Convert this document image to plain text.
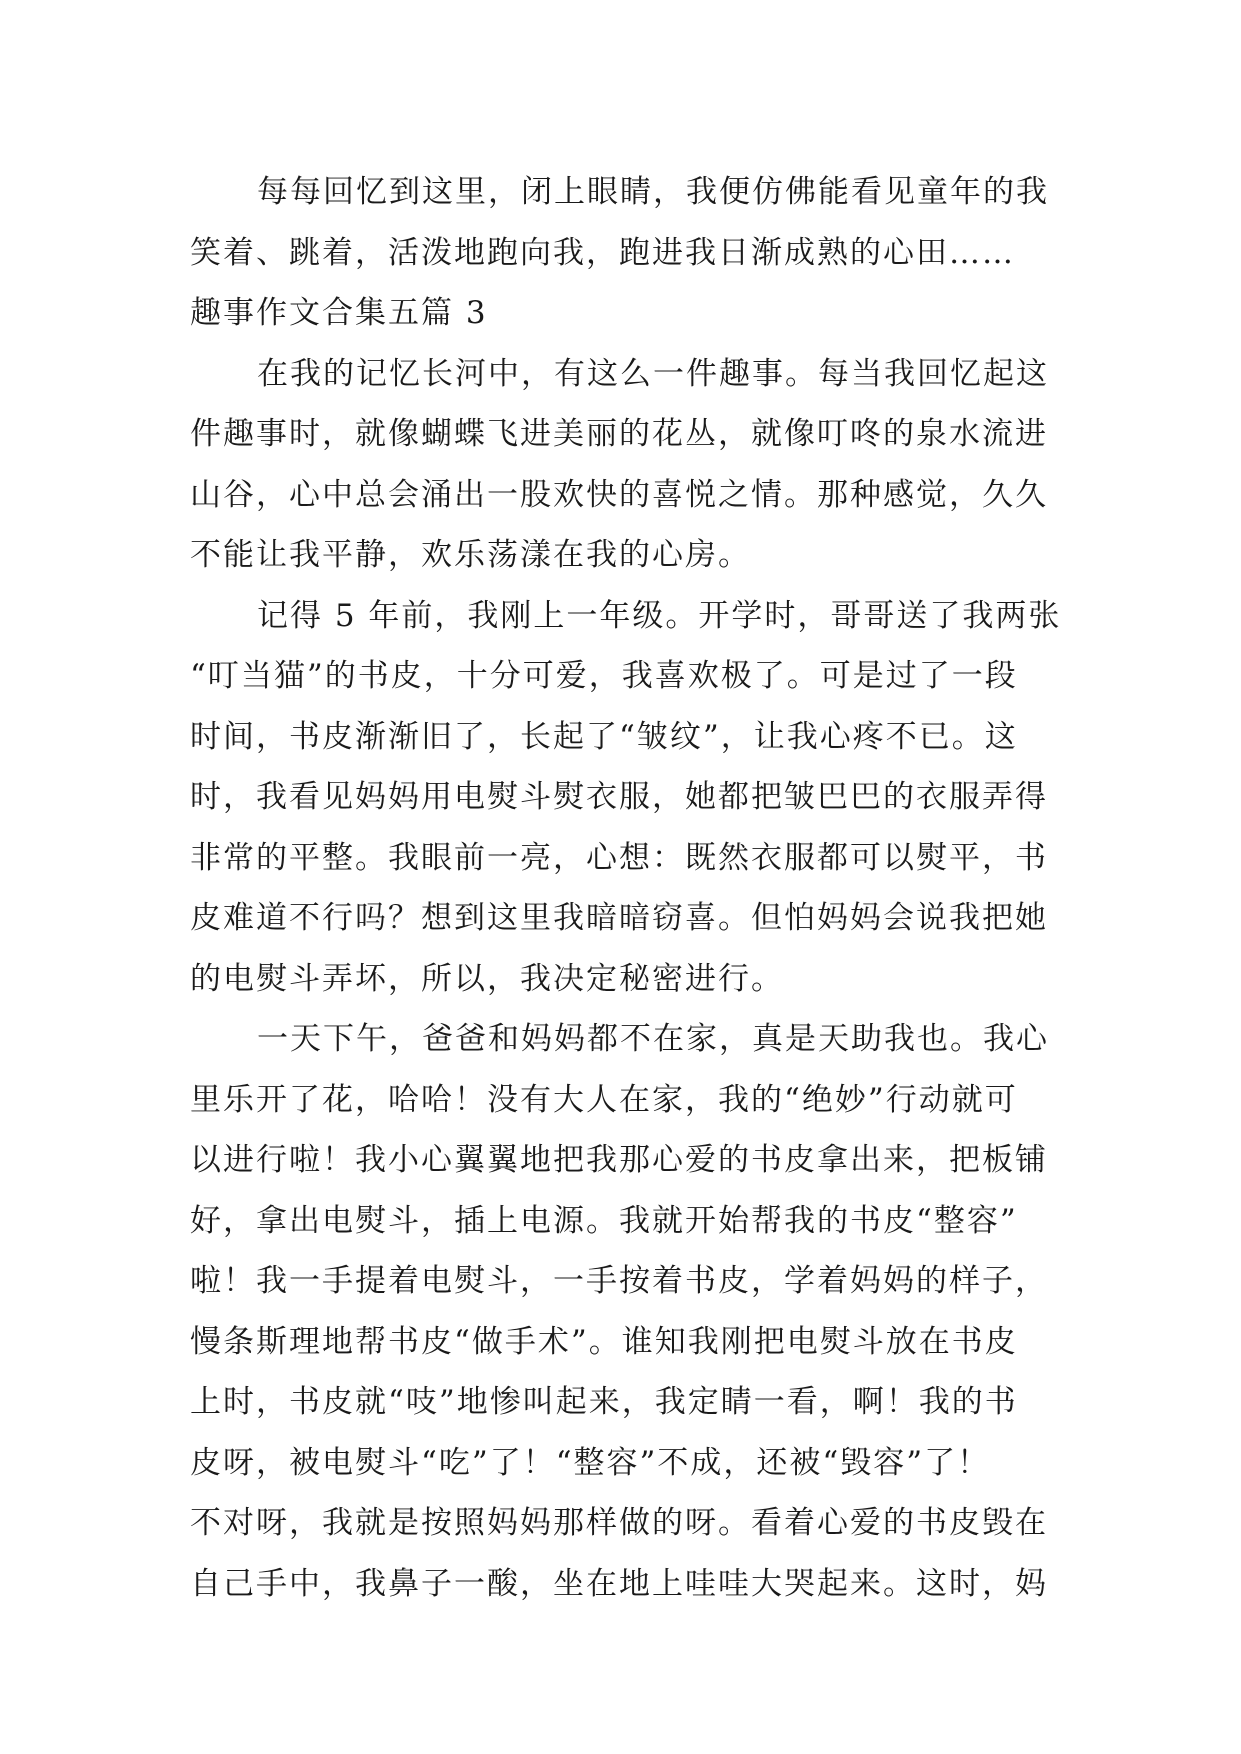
每每回忆到这里，闭上眼睛，我便仿佛能看见童年的我
笑着、跳着，活泼地跑向我，跑进我日渐成熟的心田……
趣事作文合集五篇 3
在我的记忆长河中，有这么一件趣事。每当我回忆起这
件趣事时，就像蝴蝶飞进美丽的花丛，就像叮咚的泉水流进
山谷，心中总会涌出一股欢快的喜悦之情。那种感觉，久久
不能让我平静，欢乐荡漾在我的心房。
记得 5 年前，我刚上一年级。开学时，哥哥送了我两张
“叮当猫”的书皮，十分可爱，我喜欢极了。可是过了一段
时间，书皮渐渐旧了，长起了“皱纹”，让我心疼不已。这
时，我看见妈妈用电熨斗熨衣服，她都把皱巴巴的衣服弄得
非常的平整。我眼前一亮，心想：既然衣服都可以熨平，书
皮难道不行吗？想到这里我暗暗窃喜。但怕妈妈会说我把她
的电熨斗弄坏，所以，我决定秘密进行。
一天下午，爸爸和妈妈都不在家，真是天助我也。我心
里乐开了花，哈哈！没有大人在家，我的“绝妙”行动就可
以进行啦！我小心翼翼地把我那心爱的书皮拿出来，把板铺
好，拿出电熨斗，插上电源。我就开始帮我的书皮“整容”
啦！我一手提着电熨斗，一手按着书皮，学着妈妈的样子，
慢条斯理地帮书皮“做手术”。谁知我刚把电熨斗放在书皮
上时，书皮就“吱”地惨叫起来，我定睛一看，啊！我的书
皮呀，被电熨斗“吃”了！“整容”不成，还被“毁容”了！
不对呀，我就是按照妈妈那样做的呀。看着心爱的书皮毁在
自己手中，我鼻子一酸，坐在地上哇哇大哭起来。这时，妈
